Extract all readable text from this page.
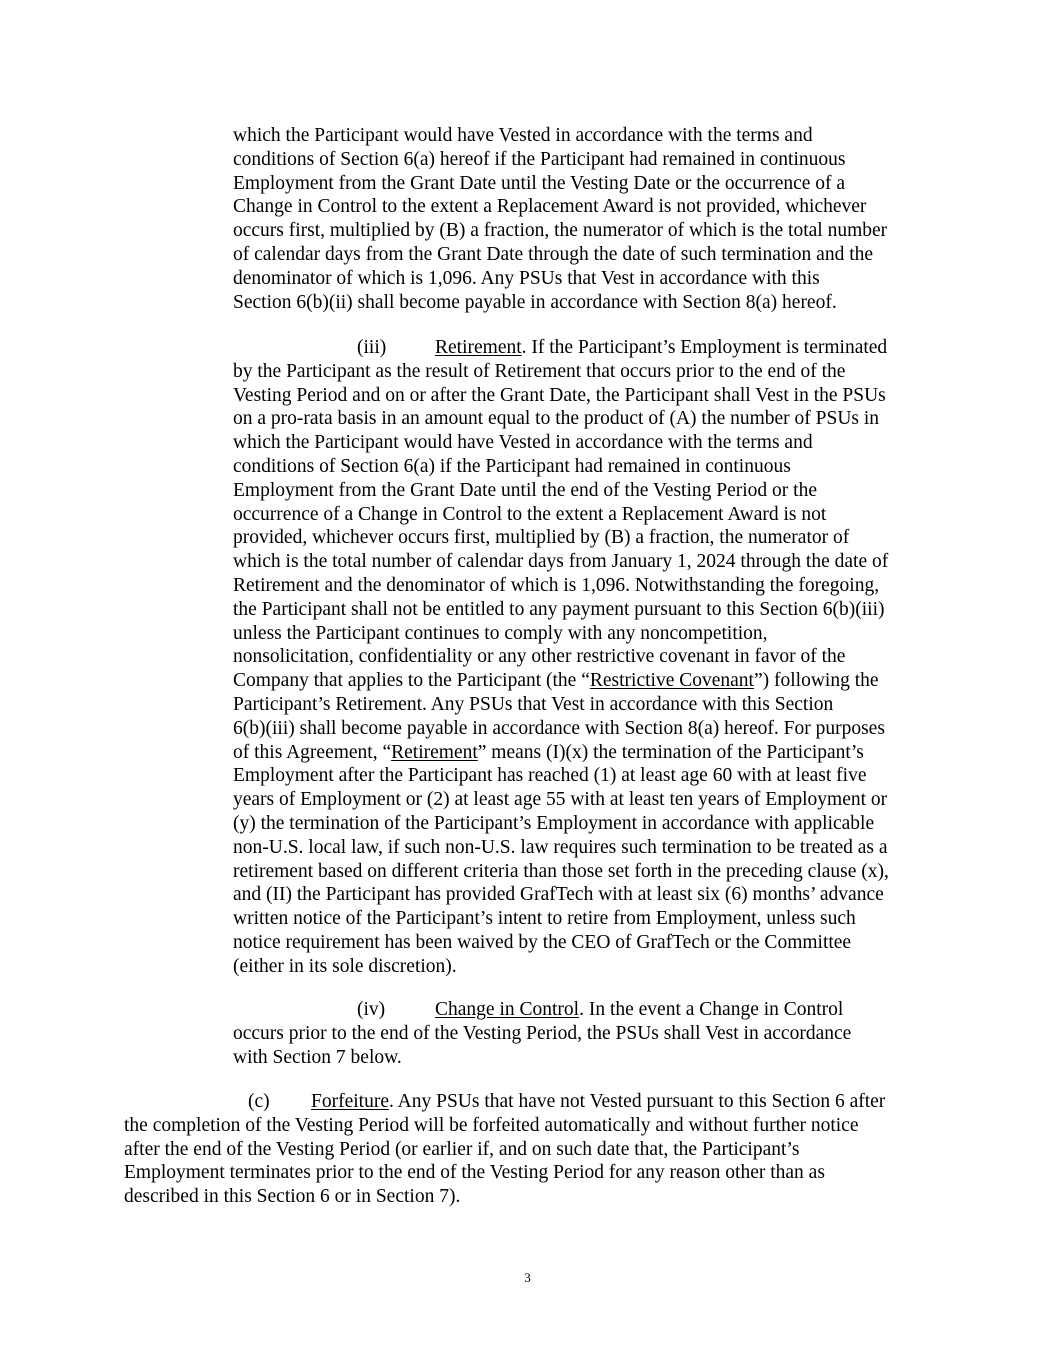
which the Participant would have Vested in accordance with the terms and
conditions of Section 6(a) hereof if the Participant had remained in continuous
Employment from the Grant Date until the Vesting Date or the occurrence of a
Change in Control to the extent a Replacement Award is not provided, whichever
occurs first, multiplied by (B) a fraction, the numerator of which is the total number
of calendar days from the Grant Date through the date of such termination and the
denominator of which is 1,096. Any PSUs that Vest in accordance with this
Section 6(b)(ii) shall become payable in accordance with Section 8(a) hereof.

(iii)	Retirement. If the Participant’s Employment is terminated
by the Participant as the result of Retirement that occurs prior to the end of the
Vesting Period and on or after the Grant Date, the Participant shall Vest in the PSUs
on a pro-rata basis in an amount equal to the product of (A) the number of PSUs in
which the Participant would have Vested in accordance with the terms and
conditions of Section 6(a) if the Participant had remained in continuous
Employment from the Grant Date until the end of the Vesting Period or the
occurrence of a Change in Control to the extent a Replacement Award is not
provided, whichever occurs first, multiplied by (B) a fraction, the numerator of
which is the total number of calendar days from January 1, 2024 through the date of
Retirement and the denominator of which is 1,096. Notwithstanding the foregoing,
the Participant shall not be entitled to any payment pursuant to this Section 6(b)(iii)
unless the Participant continues to comply with any noncompetition,
nonsolicitation, confidentiality or any other restrictive covenant in favor of the
Company that applies to the Participant (the “Restrictive Covenant”) following the
Participant’s Retirement. Any PSUs that Vest in accordance with this Section
6(b)(iii) shall become payable in accordance with Section 8(a) hereof. For purposes
of this Agreement, “Retirement” means (I)(x) the termination of the Participant’s
Employment after the Participant has reached (1) at least age 60 with at least five
years of Employment or (2) at least age 55 with at least ten years of Employment or
(y) the termination of the Participant’s Employment in accordance with applicable
non-U.S. local law, if such non-U.S. law requires such termination to be treated as a
retirement based on different criteria than those set forth in the preceding clause (x),
and (II) the Participant has provided GrafTech with at least six (6) months’ advance
written notice of the Participant’s intent to retire from Employment, unless such
notice requirement has been waived by the CEO of GrafTech or the Committee
(either in its sole discretion).

(iv)	Change in Control. In the event a Change in Control
occurs prior to the end of the Vesting Period, the PSUs shall Vest in accordance
with Section 7 below.

(c) Forfeiture. Any PSUs that have not Vested pursuant to this Section 6 after
the completion of the Vesting Period will be forfeited automatically and without further notice
after the end of the Vesting Period (or earlier if, and on such date that, the Participant’s
Employment terminates prior to the end of the Vesting Period for any reason other than as
described in this Section 6 or in Section 7).

3
